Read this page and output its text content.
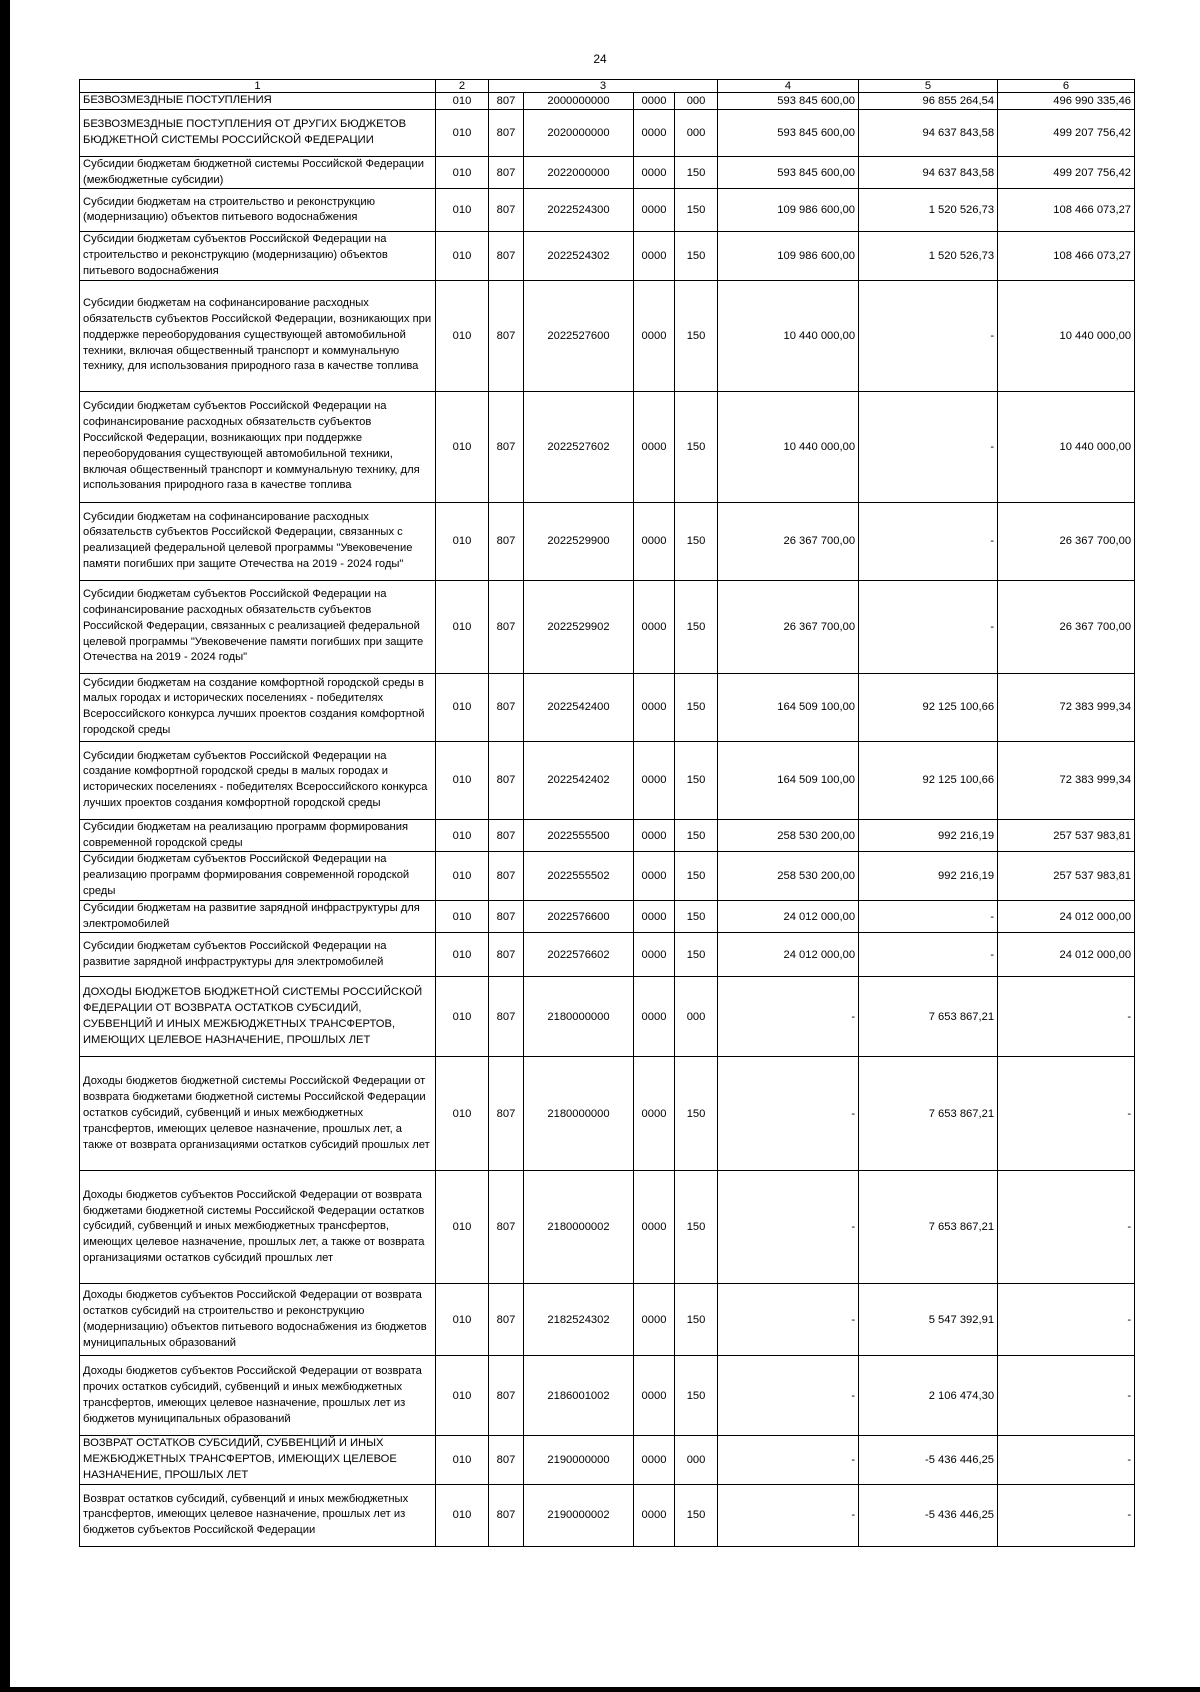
24
1	2	3				4	5	6
БЕЗВОЗМЕЗДНЫЕ ПОСТУПЛЕНИЯ	010	807	2000000000	0000	000	593 845 600,00	96 855 264,54	496 990 335,46
БЕЗВОЗМЕЗДНЫЕ ПОСТУПЛЕНИЯ ОТ ДРУГИХ БЮДЖЕТОВ БЮДЖЕТНОЙ СИСТЕМЫ РОССИЙСКОЙ ФЕДЕРАЦИИ	010	807	2020000000	0000	000	593 845 600,00	94 637 843,58	499 207 756,42
Субсидии бюджетам бюджетной системы Российской Федерации (межбюджетные субсидии)	010	807	2022000000	0000	150	593 845 600,00	94 637 843,58	499 207 756,42
Субсидии бюджетам на строительство и реконструкцию (модернизацию) объектов питьевого водоснабжения	010	807	2022524300	0000	150	109 986 600,00	1 520 526,73	108 466 073,27
Субсидии бюджетам субъектов Российской Федерации на строительство и реконструкцию (модернизацию) объектов питьевого водоснабжения	010	807	2022524302	0000	150	109 986 600,00	1 520 526,73	108 466 073,27
Субсидии бюджетам на софинансирование расходных обязательств субъектов Российской Федерации, возникающих при поддержке переоборудования существующей автомобильной техники, включая общественный транспорт и коммунальную технику, для использования природного газа в качестве топлива	010	807	2022527600	0000	150	10 440 000,00	-	10 440 000,00
Субсидии бюджетам субъектов Российской Федерации на софинансирование расходных обязательств субъектов Российской Федерации, возникающих при поддержке переоборудования существующей автомобильной техники, включая общественный транспорт и коммунальную технику, для использования природного газа в качестве топлива	010	807	2022527602	0000	150	10 440 000,00	-	10 440 000,00
Субсидии бюджетам на софинансирование расходных обязательств субъектов Российской Федерации, связанных с реализацией федеральной целевой программы "Увековечение памяти погибших при защите Отечества на 2019 - 2024 годы"	010	807	2022529900	0000	150	26 367 700,00	-	26 367 700,00
Субсидии бюджетам субъектов Российской Федерации на софинансирование расходных обязательств субъектов Российской Федерации, связанных с реализацией федеральной целевой программы "Увековечение памяти погибших при защите Отечества на 2019 - 2024 годы"	010	807	2022529902	0000	150	26 367 700,00	-	26 367 700,00
Субсидии бюджетам на создание комфортной городской среды в малых городах и исторических поселениях - победителях Всероссийского конкурса лучших проектов создания комфортной городской среды	010	807	2022542400	0000	150	164 509 100,00	92 125 100,66	72 383 999,34
Субсидии бюджетам субъектов Российской Федерации на создание комфортной городской среды в малых городах и исторических поселениях - победителях Всероссийского конкурса лучших проектов создания комфортной городской среды	010	807	2022542402	0000	150	164 509 100,00	92 125 100,66	72 383 999,34
Субсидии бюджетам на реализацию программ формирования современной городской среды	010	807	2022555500	0000	150	258 530 200,00	992 216,19	257 537 983,81
Субсидии бюджетам субъектов Российской Федерации на реализацию программ формирования современной городской среды	010	807	2022555502	0000	150	258 530 200,00	992 216,19	257 537 983,81
Субсидии бюджетам на развитие зарядной инфраструктуры для электромобилей	010	807	2022576600	0000	150	24 012 000,00	-	24 012 000,00
Субсидии бюджетам субъектов Российской Федерации на развитие зарядной инфраструктуры для электромобилей	010	807	2022576602	0000	150	24 012 000,00	-	24 012 000,00
ДОХОДЫ БЮДЖЕТОВ БЮДЖЕТНОЙ СИСТЕМЫ РОССИЙСКОЙ ФЕДЕРАЦИИ ОТ ВОЗВРАТА ОСТАТКОВ СУБСИДИЙ, СУБВЕНЦИЙ И ИНЫХ МЕЖБЮДЖЕТНЫХ ТРАНСФЕРТОВ, ИМЕЮЩИХ ЦЕЛЕВОЕ НАЗНАЧЕНИЕ, ПРОШЛЫХ ЛЕТ	010	807	2180000000	0000	000	-	7 653 867,21	-
Доходы бюджетов бюджетной системы Российской Федерации от возврата бюджетами бюджетной системы Российской Федерации остатков субсидий, субвенций и иных межбюджетных трансфертов, имеющих целевое назначение, прошлых лет, а также от возврата организациями остатков субсидий прошлых лет	010	807	2180000000	0000	150	-	7 653 867,21	-
Доходы бюджетов субъектов Российской Федерации от возврата бюджетами бюджетной системы Российской Федерации остатков субсидий, субвенций и иных межбюджетных трансфертов, имеющих целевое назначение, прошлых лет, а также от возврата организациями остатков субсидий прошлых лет	010	807	2180000002	0000	150	-	7 653 867,21	-
Доходы бюджетов субъектов Российской Федерации от возврата остатков субсидий на строительство и реконструкцию (модернизацию) объектов питьевого водоснабжения из бюджетов муниципальных образований	010	807	2182524302	0000	150	-	5 547 392,91	-
Доходы бюджетов субъектов Российской Федерации от возврата прочих остатков субсидий, субвенций и иных межбюджетных трансфертов, имеющих целевое назначение, прошлых лет из бюджетов муниципальных образований	010	807	2186001002	0000	150	-	2 106 474,30	-
ВОЗВРАТ ОСТАТКОВ СУБСИДИЙ, СУБВЕНЦИЙ И ИНЫХ МЕЖБЮДЖЕТНЫХ ТРАНСФЕРТОВ, ИМЕЮЩИХ ЦЕЛЕВОЕ НАЗНАЧЕНИЕ, ПРОШЛЫХ ЛЕТ	010	807	2190000000	0000	000	-	-5 436 446,25	-
Возврат остатков субсидий, субвенций и иных межбюджетных трансфертов, имеющих целевое назначение, прошлых лет из бюджетов субъектов Российской Федерации	010	807	2190000002	0000	150	-	-5 436 446,25	-
